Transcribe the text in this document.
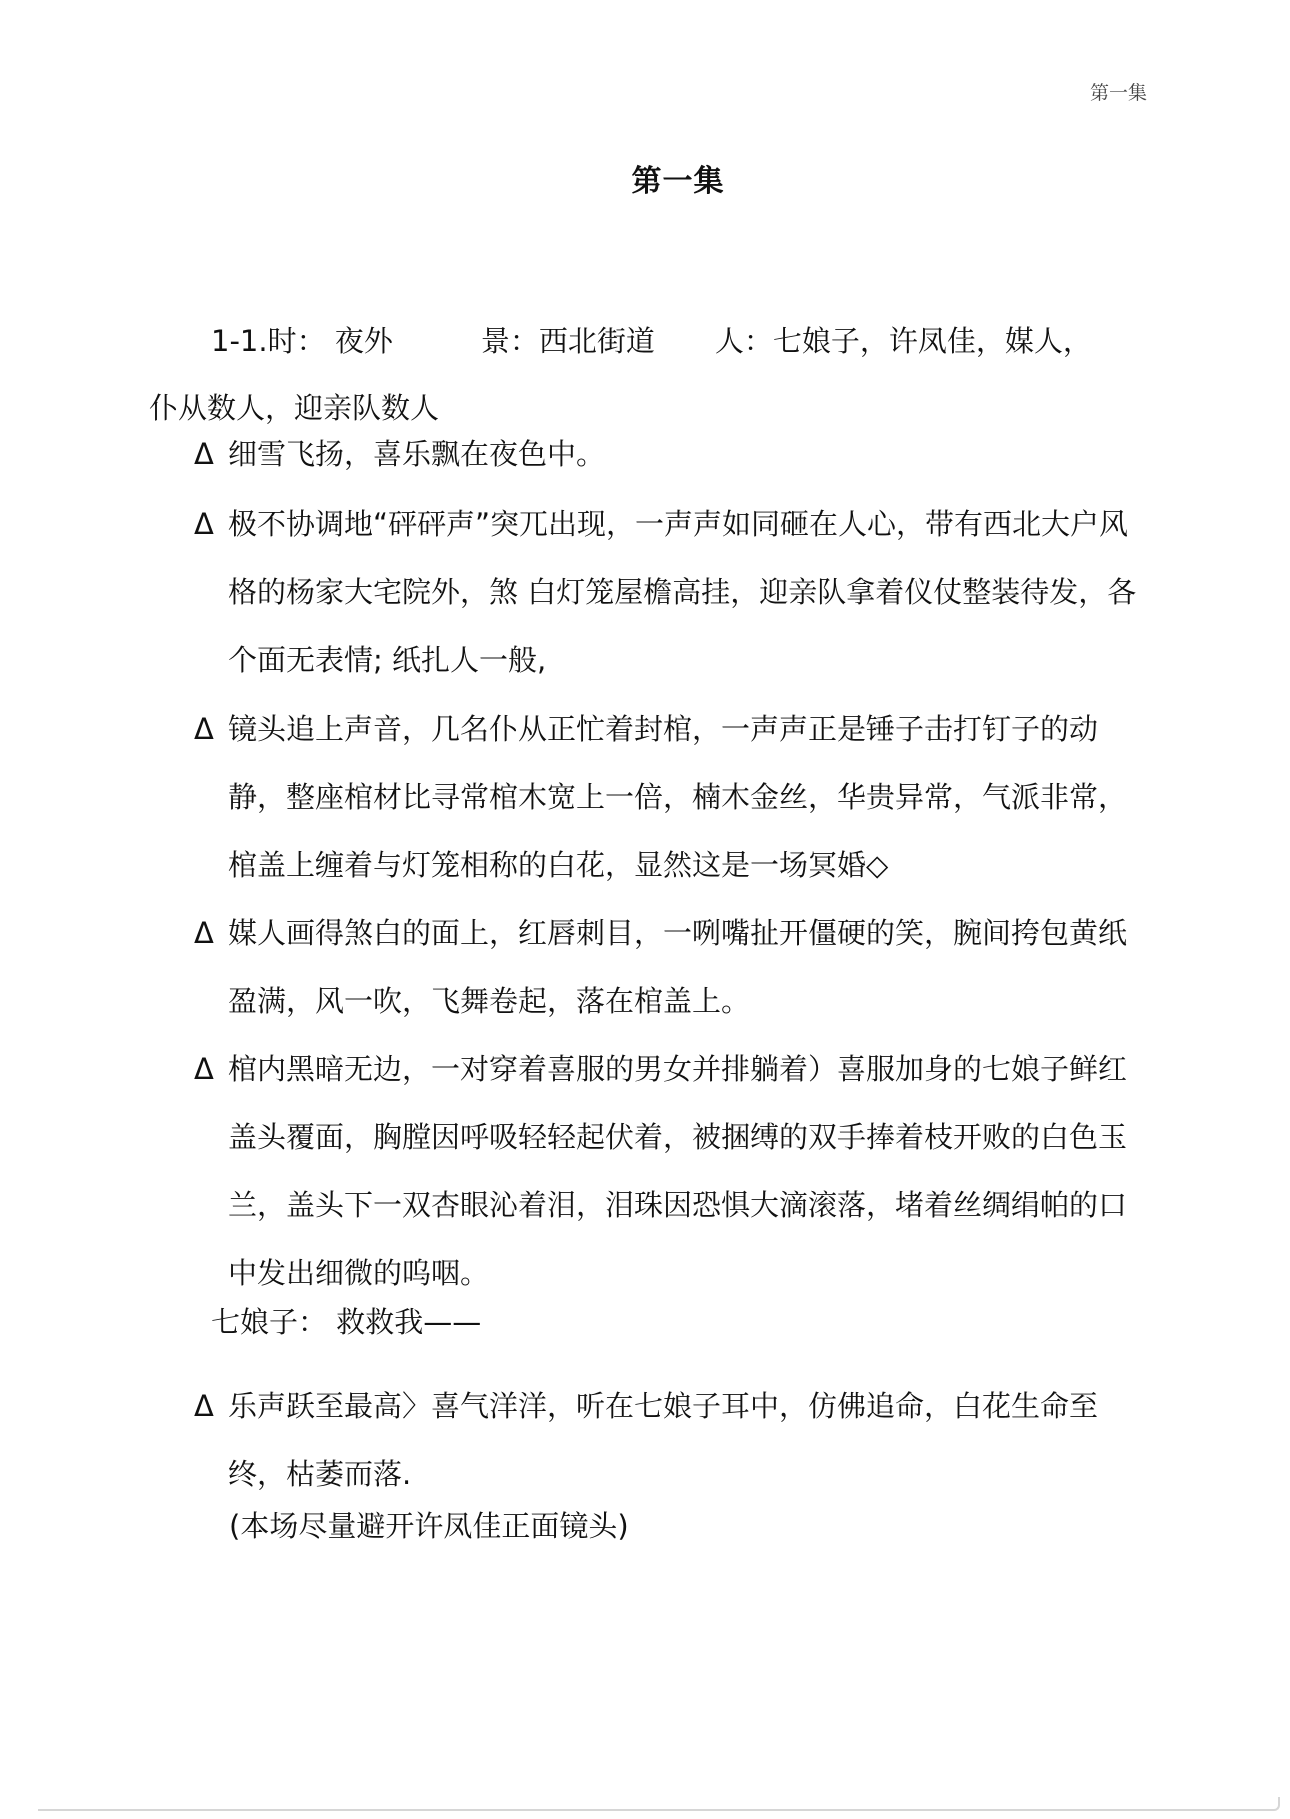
第一集
第一集
1-1.时： 夜外	景：西北街道 人：七娘子，许凤佳，媒人，
仆从数人，迎亲队数人
Δ 细雪飞扬，喜乐飘在夜色中。
Δ 极不协调地“砰砰声”突兀出现，一声声如同砸在人心，带有西北大户风格的杨家大宅院外，煞 白灯笼屋檐高挂，迎亲队拿着仪仗整装待发，各个面无表情; 纸扎人一般,
Δ 镜头追上声音，几名仆从正忙着封棺，一声声正是锤子击打钉子的动静，整座棺材比寻常棺木宽上一倍，楠木金丝，华贵异常，气派非常，棺盖上缠着与灯笼相称的白花，显然这是一场冥婚◇
Δ 媒人画得煞白的面上，红唇刺目，一咧嘴扯开僵硬的笑，腕间挎包黄纸盈满，风一吹，飞舞卷起，落在棺盖上。
Δ 棺内黑暗无边，一对穿着喜服的男女并排躺着）喜服加身的七娘子鲜红盖头覆面，胸膛因呼吸轻轻起伏着，被捆缚的双手捧着枝开败的白色玉兰，盖头下一双杏眼沁着泪，泪珠因恐惧大滴滚落，堵着丝绸绢帕的口中发出细微的呜咽。
七娘子： 救救我——
Δ 乐声跃至最高〉喜气洋洋，听在七娘子耳中，仿佛追命，白花生命至终，枯萎而落.
(本场尽量避开许凤佳正面镜头)
